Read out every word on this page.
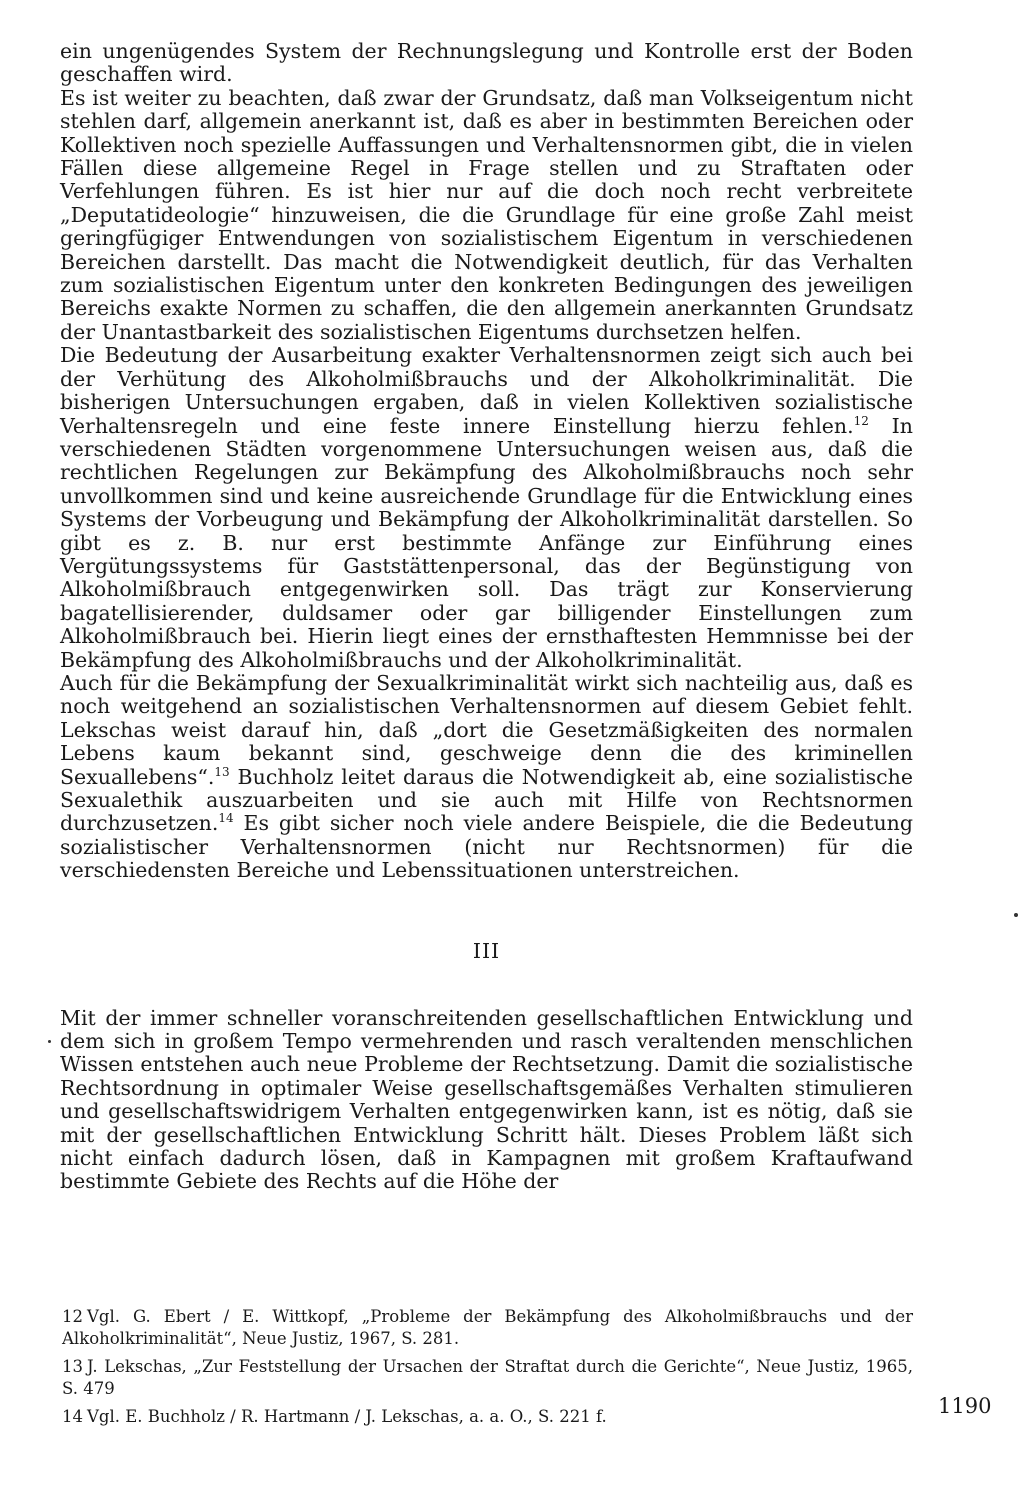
ein ungenügendes System der Rechnungslegung und Kontrolle erst der Boden geschaffen wird.

Es ist weiter zu beachten, daß zwar der Grundsatz, daß man Volkseigentum nicht stehlen darf, allgemein anerkannt ist, daß es aber in bestimmten Bereichen oder Kollektiven noch spezielle Auffassungen und Verhaltensnormen gibt, die in vielen Fällen diese allgemeine Regel in Frage stellen und zu Straftaten oder Verfehlungen führen. Es ist hier nur auf die doch noch recht verbreitete „Deputatideologie“ hinzuweisen, die die Grundlage für eine große Zahl meist geringfügiger Entwendungen von sozialistischem Eigentum in verschiedenen Bereichen darstellt. Das macht die Notwendigkeit deutlich, für das Verhalten zum sozialistischen Eigentum unter den konkreten Bedingungen des jeweiligen Bereichs exakte Normen zu schaffen, die den allgemein anerkannten Grundsatz der Unantastbarkeit des sozialistischen Eigentums durchsetzen helfen.

Die Bedeutung der Ausarbeitung exakter Verhaltensnormen zeigt sich auch bei der Verhütung des Alkoholmißbrauchs und der Alkoholkriminalität. Die bisherigen Untersuchungen ergaben, daß in vielen Kollektiven sozialistische Verhaltensregeln und eine feste innere Einstellung hierzu fehlen.$^{12}$ In verschiedenen Städten vorgenommene Untersuchungen weisen aus, daß die rechtlichen Regelungen zur Bekämpfung des Alkoholmißbrauchs noch sehr unvollkommen sind und keine ausreichende Grundlage für die Entwicklung eines Systems der Vorbeugung und Bekämpfung der Alkoholkriminalität darstellen. So gibt es z. B. nur erst bestimmte Anfänge zur Einführung eines Vergütungssystems für Gaststättenpersonal, das der Begünstigung von Alkoholmißbrauch entgegenwirken soll. Das trägt zur Konservierung bagatellisierender, duldsamer oder gar billigender Einstellungen zum Alkoholmißbrauch bei. Hierin liegt eines der ernsthaftesten Hemmnisse bei der Bekämpfung des Alkoholmißbrauchs und der Alkoholkriminalität.

Auch für die Bekämpfung der Sexualkriminalität wirkt sich nachteilig aus, daß es noch weitgehend an sozialistischen Verhaltensnormen auf diesem Gebiet fehlt. Lekschas weist darauf hin, daß „dort die Gesetzmäßigkeiten des normalen Lebens kaum bekannt sind, geschweige denn die des kriminellen Sexuallebens“.$^{13}$ Buchholz leitet daraus die Notwendigkeit ab, eine sozialistische Sexualethik auszuarbeiten und sie auch mit Hilfe von Rechtsnormen durchzusetzen.$^{14}$ Es gibt sicher noch viele andere Beispiele, die die Bedeutung sozialistischer Verhaltensnormen (nicht nur Rechtsnormen) für die verschiedensten Bereiche und Lebenssituationen unterstreichen.

III

Mit der immer schneller voranschreitenden gesellschaftlichen Entwicklung und dem sich in großem Tempo vermehrenden und rasch veraltenden menschlichen Wissen entstehen auch neue Probleme der Rechtsetzung. Damit die sozialistische Rechtsordnung in optimaler Weise gesellschaftsgemäßes Verhalten stimulieren und gesellschaftswidrigem Verhalten entgegenwirken kann, ist es nötig, daß sie mit der gesellschaftlichen Entwicklung Schritt hält. Dieses Problem läßt sich nicht einfach dadurch lösen, daß in Kampagnen mit großem Kraftaufwand bestimmte Gebiete des Rechts auf die Höhe der

12 Vgl. G. Ebert / E. Wittkopf, „Probleme der Bekämpfung des Alkoholmißbrauchs und der Alkoholkriminalität“, Neue Justiz, 1967, S. 281.

13 J. Lekschas, „Zur Feststellung der Ursachen der Straftat durch die Gerichte“, Neue Justiz, 1965, S. 479

14 Vgl. E. Buchholz / R. Hartmann / J. Lekschas, a. a. O., S. 221 f.	1190
